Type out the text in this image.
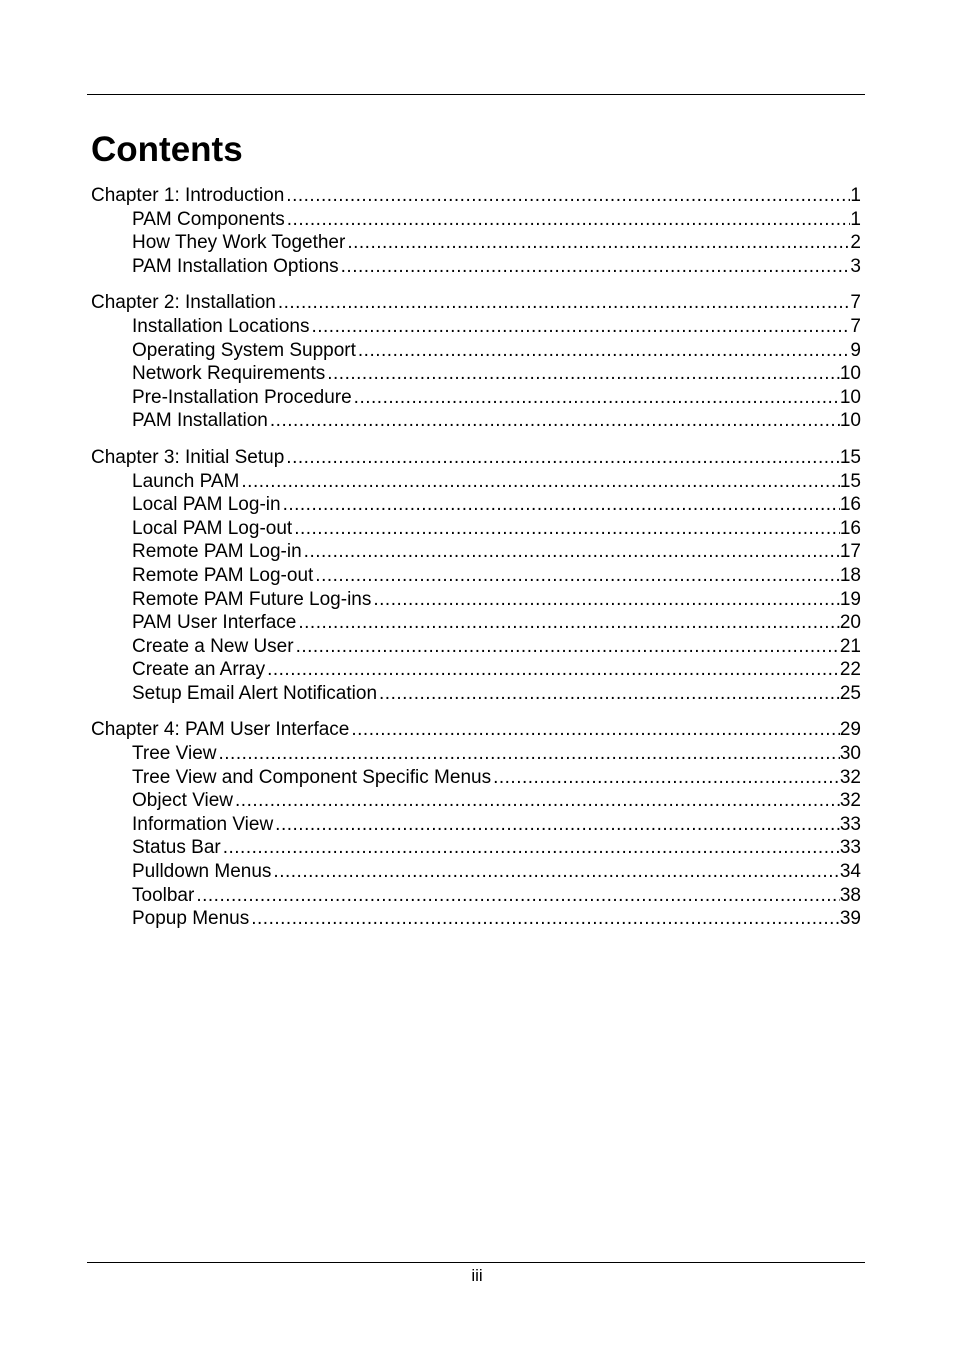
Contents
Chapter 1: Introduction .....	1
PAM Components .....	1
How They Work Together .....	2
PAM Installation Options .....	3
Chapter 2: Installation .....	7
Installation Locations .....	7
Operating System Support .....	9
Network Requirements .....	10
Pre-Installation Procedure .....	10
PAM Installation .....	10
Chapter 3: Initial Setup .....	15
Launch PAM .....	15
Local PAM Log-in .....	16
Local PAM Log-out .....	16
Remote PAM Log-in .....	17
Remote PAM Log-out .....	18
Remote PAM Future Log-ins .....	19
PAM User Interface .....	20
Create a New User .....	21
Create an Array .....	22
Setup Email Alert Notification .....	25
Chapter 4: PAM User Interface .....	29
Tree View .....	30
Tree View and Component Specific Menus .....	32
Object View .....	32
Information View .....	33
Status Bar .....	33
Pulldown Menus .....	34
Toolbar .....	38
Popup Menus .....	39
iii
